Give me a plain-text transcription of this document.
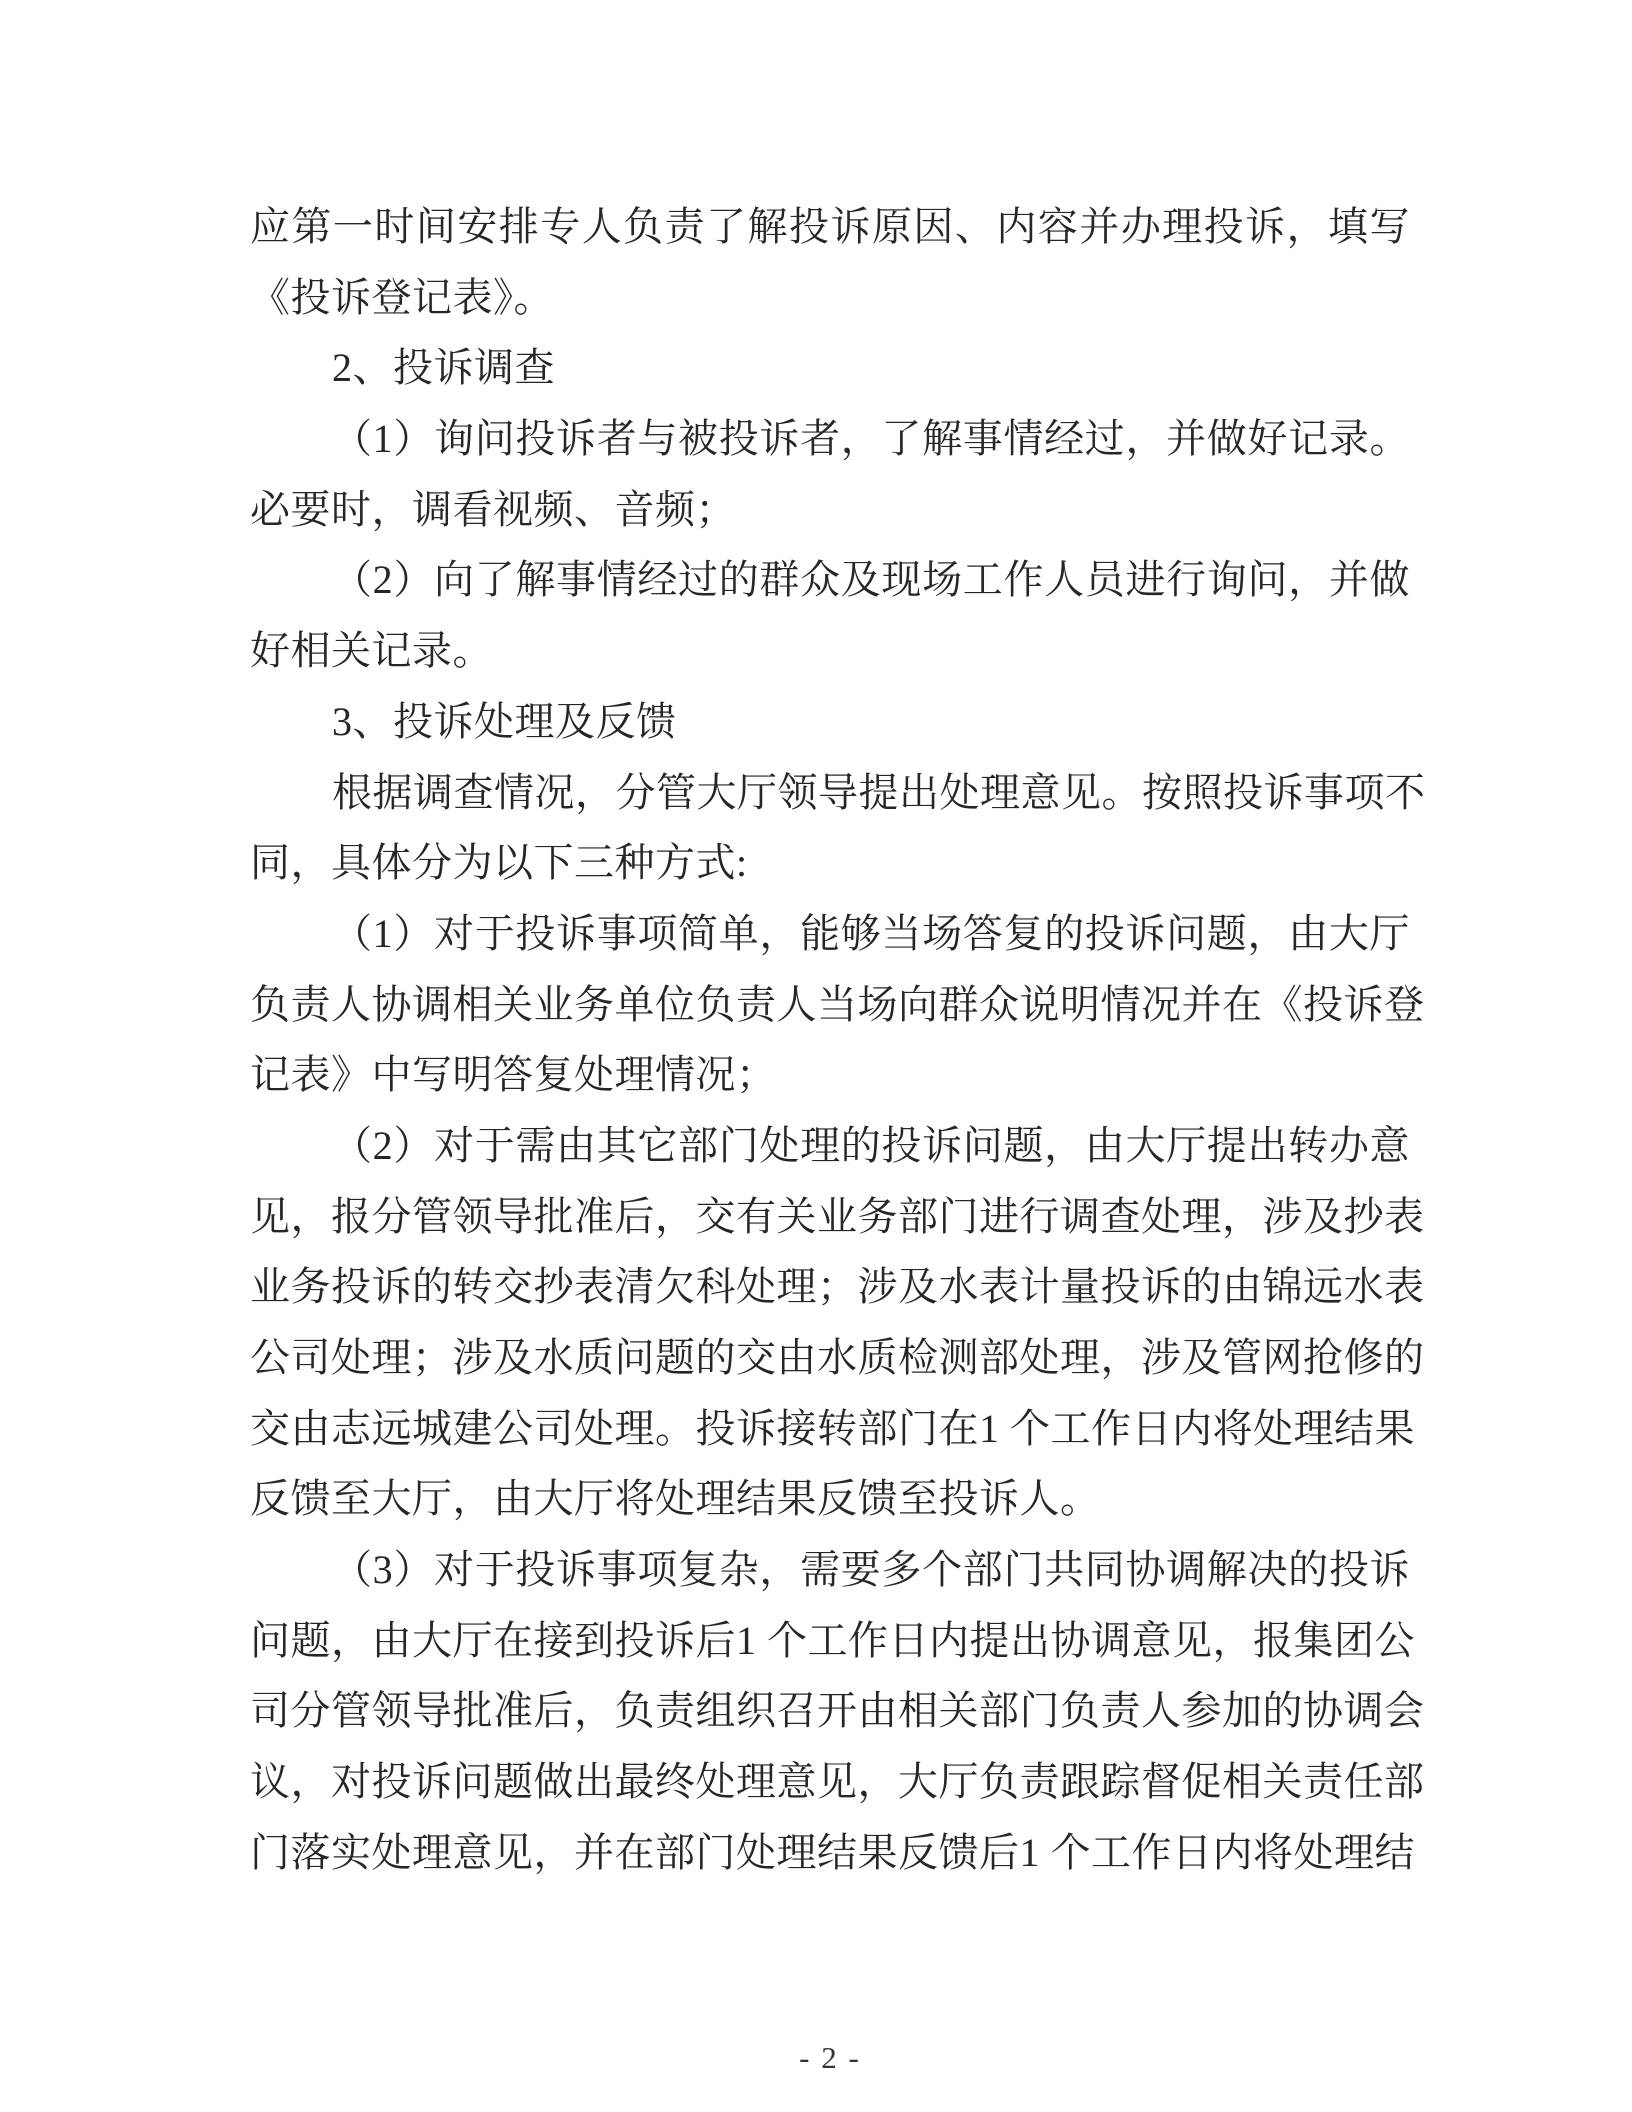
应第一时间安排专人负责了解投诉原因、内容并办理投诉，填写
《投诉登记表》。
2、投诉调查
（1）询问投诉者与被投诉者，了解事情经过，并做好记录。
必要时，调看视频、音频；
（2）向了解事情经过的群众及现场工作人员进行询问，并做
好相关记录。
3、投诉处理及反馈
根据调查情况，分管大厅领导提出处理意见。按照投诉事项不
同，具体分为以下三种方式:
（1）对于投诉事项简单，能够当场答复的投诉问题，由大厅
负责人协调相关业务单位负责人当场向群众说明情况并在《投诉登
记表》中写明答复处理情况；
（2）对于需由其它部门处理的投诉问题，由大厅提出转办意
见，报分管领导批准后，交有关业务部门进行调查处理，涉及抄表
业务投诉的转交抄表清欠科处理；涉及水表计量投诉的由锦远水表
公司处理；涉及水质问题的交由水质检测部处理，涉及管网抢修的
交由志远城建公司处理。投诉接转部门在1 个工作日内将处理结果
反馈至大厅，由大厅将处理结果反馈至投诉人。
（3）对于投诉事项复杂，需要多个部门共同协调解决的投诉
问题，由大厅在接到投诉后1 个工作日内提出协调意见，报集团公
司分管领导批准后，负责组织召开由相关部门负责人参加的协调会
议，对投诉问题做出最终处理意见，大厅负责跟踪督促相关责任部
门落实处理意见，并在部门处理结果反馈后1 个工作日内将处理结
- 2 -
